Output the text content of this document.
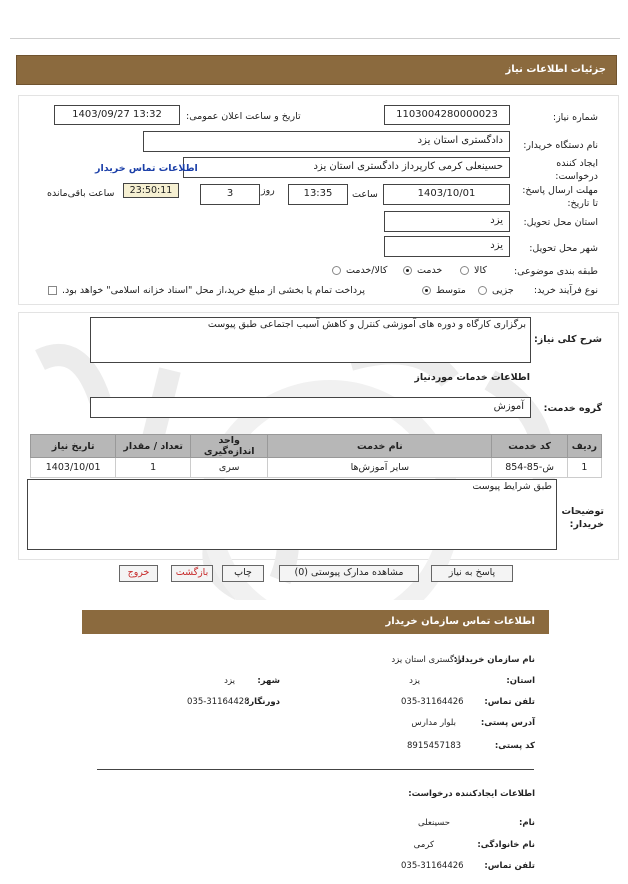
جزئیات اطلاعات نیاز
شماره نیاز:
1103004280000023
تاریخ و ساعت اعلان عمومی:
1403/09/27 13:32
نام دستگاه خریدار:
دادگستری استان یزد
ایجاد کننده درخواست:
حسینعلی کرمی کارپرداز دادگستری استان یزد
اطلاعات تماس خریدار
مهلت ارسال پاسخ: تا تاریخ:
1403/10/01
ساعت
13:35
روز
3
23:50:11
ساعت باقی‌مانده
استان محل تحویل:
یزد
شهر محل تحویل:
یزد
طبقه بندی موضوعی:
کالا
خدمت
کالا/خدمت
نوع فرآیند خرید:
جزیی
متوسط
پرداخت تمام یا بخشی از مبلغ خرید،از محل "اسناد خزانه اسلامی" خواهد بود.
شرح کلی نیاز:
برگزاری کارگاه و دوره های آموزشی کنترل و کاهش آسیب اجتماعی طبق پیوست
اطلاعات خدمات موردنیاز
گروه خدمت:
آموزش
ردیف	کد خدمت	نام خدمت	واحد اندازه‌گیری	تعداد / مقدار	تاریخ نیاز
1	ش-85-854	سایر آموزش‌ها	سری	1	1403/10/01
توضیحات خریدار:
طبق شرایط پیوست
پاسخ به نیاز
مشاهده مدارک پیوستی (0)
چاپ
بازگشت
خروج
اطلاعات تماس سازمان خریدار
نام سازمان خریدار:
دادگستری استان یزد
استان:
یزد
شهر:
یزد
تلفن تماس:
035-31164426
دورنگار:
035-31164428
آدرس پستی:
بلوار مدارس
کد پستی:
8915457183
اطلاعات ایجادکننده درخواست:
نام:
حسینعلی
نام خانوادگی:
کرمی
تلفن تماس:
035-31164426
